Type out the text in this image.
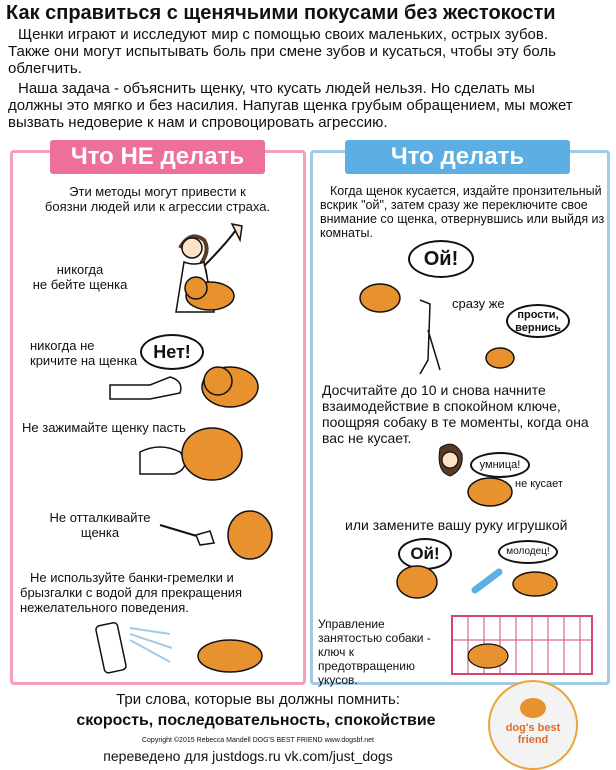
Как справиться с щенячьими покусами без жестокости
Щенки играют и исследуют мир с помощью своих маленьких, острых зубов.
Также они могут испытывать боль при смене зубов и кусаться, чтобы эту боль
облегчить.
Наша задача - объяснить щенку, что кусать людей нельзя. Но сделать мы
должны это мягко и без насилия. Напугав щенка грубым обращением, мы может
вызвать недоверие к нам и спровоцировать агрессию.
Что НЕ делать	Что делать
Эти методы могут привести к
боязни людей или к агрессии страха.
никогда
не бейте щенка
никогда не
кричите на щенка Нет!
Не зажимайте щенку пасть
Не отталкивайте
щенка
Не используйте банки-гремелки и
брызгалки с водой для прекращения
нежелательного поведения.
Когда щенок кусается, издайте пронзительный
вскрик "ой", затем сразу же переключите свое
внимание со щенка, отвернувшись или выйдя из
комнаты.
Ой!
сразу же
прости,
вернись
Досчитайте до 10 и снова начните
взаимодействие в спокойном ключе,
поощряя собаку в те моменты, когда она
вас не кусает.
умница!
не кусает
или замените вашу руку игрушкой
Ой!	молодец!
Управление
занятостью собаки -
ключ к предотвращению
укусов.
Три слова, которые вы должны помнить:
скорость, последовательность, спокойствие
Copyright ©2015 Rebecca Mandell DOG'S BEST FRIEND www.dogsbf.net
переведено для justdogs.ru vk.com/just_dogs
dog's best friend
